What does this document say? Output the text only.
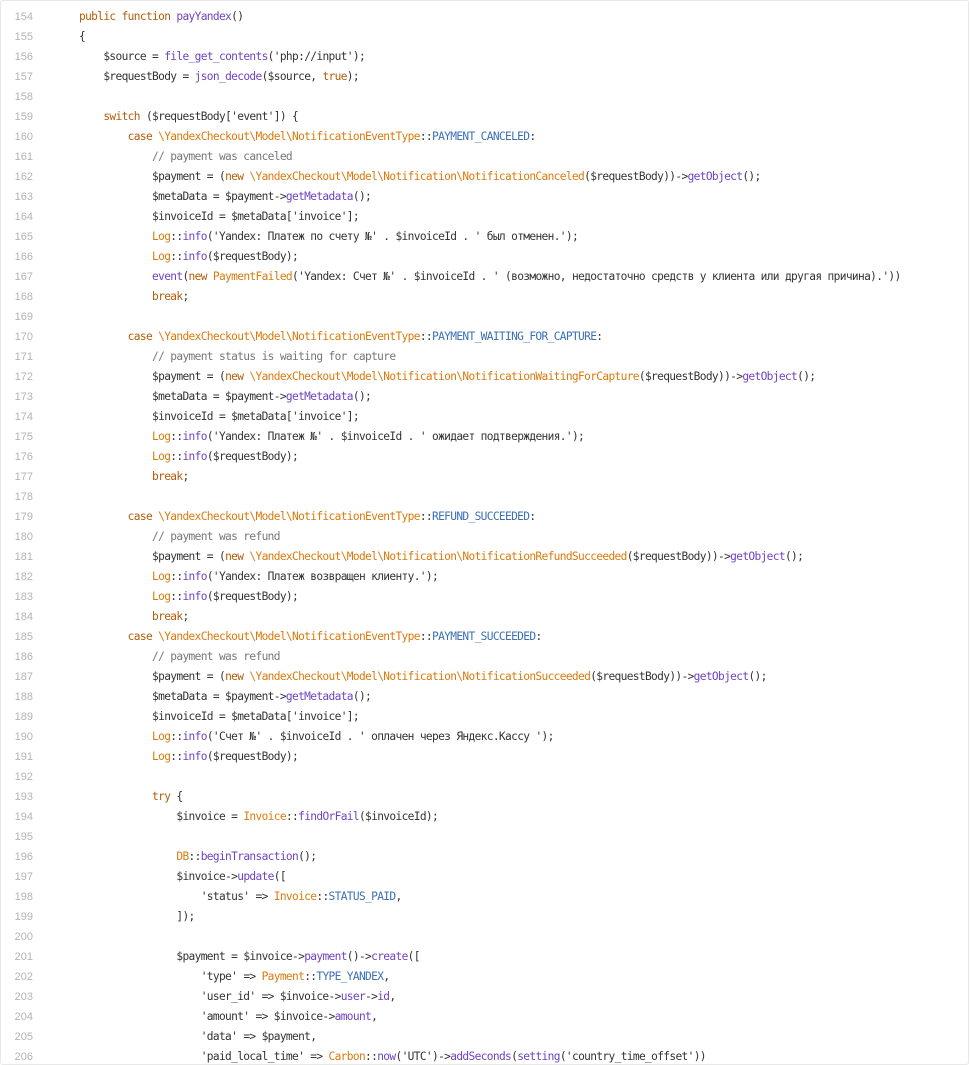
154	public function payYandex()
155	{
156	$source = file_get_contents('php://input');
157	$requestBody = json_decode($source, true);
158
159	switch ($requestBody['event']) {
160	case \YandexCheckout\Model\NotificationEventType::PAYMENT_CANCELED:
161	// payment was canceled
162	$payment = (new \YandexCheckout\Model\Notification\NotificationCanceled($requestBody))->getObject();
163	$metaData = $payment->getMetadata();
164	$invoiceId = $metaData['invoice'];
165	Log::info('Yandex: Платеж по счету №' . $invoiceId . ' был отменен.');
166	Log::info($requestBody);
167	event(new PaymentFailed('Yandex: Счет №' . $invoiceId . ' (возможно, недостаточно средств у клиента или другая причина).'))
168	break;
169
170	case \YandexCheckout\Model\NotificationEventType::PAYMENT_WAITING_FOR_CAPTURE:
171	// payment status is waiting for capture
172	$payment = (new \YandexCheckout\Model\Notification\NotificationWaitingForCapture($requestBody))->getObject();
173	$metaData = $payment->getMetadata();
174	$invoiceId = $metaData['invoice'];
175	Log::info('Yandex: Платеж №' . $invoiceId . ' ожидает подтверждения.');
176	Log::info($requestBody);
177	break;
178
179	case \YandexCheckout\Model\NotificationEventType::REFUND_SUCCEEDED:
180	// payment was refund
181	$payment = (new \YandexCheckout\Model\Notification\NotificationRefundSucceeded($requestBody))->getObject();
182	Log::info('Yandex: Платеж возвращен клиенту.');
183	Log::info($requestBody);
184	break;
185	case \YandexCheckout\Model\NotificationEventType::PAYMENT_SUCCEEDED:
186	// payment was refund
187	$payment = (new \YandexCheckout\Model\Notification\NotificationSucceeded($requestBody))->getObject();
188	$metaData = $payment->getMetadata();
189	$invoiceId = $metaData['invoice'];
190	Log::info('Счет №' . $invoiceId . ' оплачен через Яндекс.Кассу ');
191	Log::info($requestBody);
192
193	try {
194	$invoice = Invoice::findOrFail($invoiceId);
195
196	DB::beginTransaction();
197	$invoice->update([
198	'status' => Invoice::STATUS_PAID,
199	]);
200
201	$payment = $invoice->payment()->create([
202	'type' => Payment::TYPE_YANDEX,
203	'user_id' => $invoice->user->id,
204	'amount' => $invoice->amount,
205	'data' => $payment,
206	'paid_local_time' => Carbon::now('UTC')->addSeconds(setting('country_time_offset'))
